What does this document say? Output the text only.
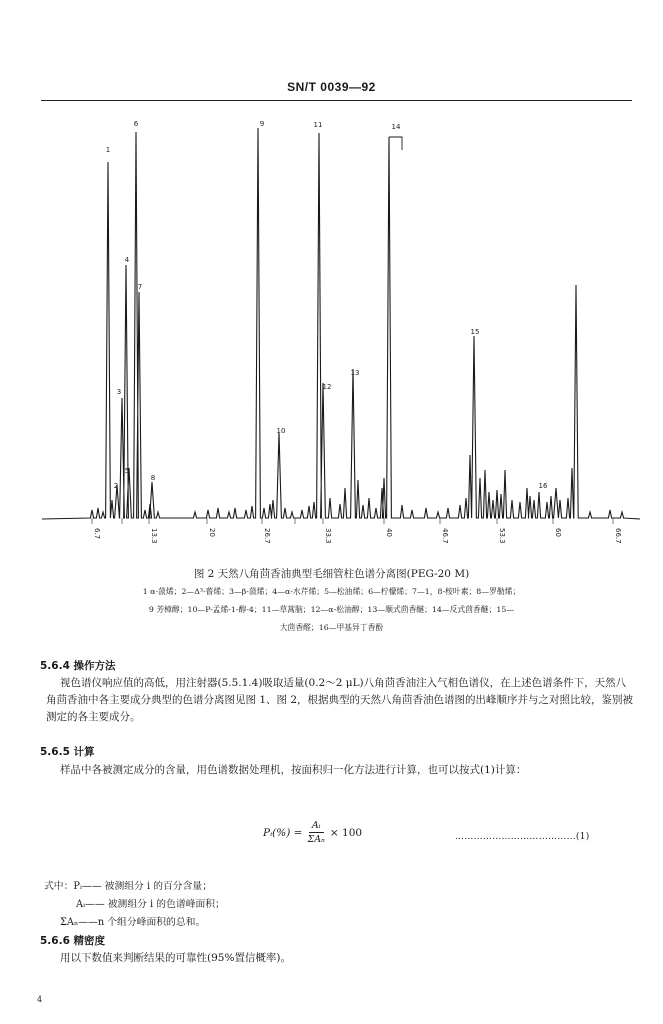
SN/T 0039—92
1
2
3
4
5
6
7
8
9
10
11
12
13
14
15
16
6.7	13.3	20	26.7	33.3	40	46.7	53.3	60	66.7
图 2 天然八角茴香油典型毛细管柱色谱分离图(PEG-20 M)
1 α-蒎烯；2—Δ³-蒈烯；3—β-蒎烯；4—α-水芹烯；5—松油烯；6—柠檬烯；7—1，8-桉叶素；8—罗勒烯；
9 芳樟醇；10—P-孟烯-1-醇-4；11—草蒿脑；12—α-松油醇；13—顺式茴香醚；14—反式茴香醚；15—
大茴香醛；16—甲基异丁香酚
5.6.4 操作方法

视色谱仪响应值的高低，用注射器(5.5.1.4)吸取适量(0.2～2 μL)八角茴香油注入气相色谱仪，在上述色谱条件下，天然八角茴香油中各主要成分典型的色谱分离图见图 1、图 2，根据典型的天然八角茴香油色谱图的出峰顺序并与之对照比较，鉴别被测定的各主要成分。

5.6.5 计算

样品中各被测定成分的含量，用色谱数据处理机，按面积归一化方法进行计算，也可以按式(1)计算：

Pᵢ(%) = $\frac{\text{Aᵢ}}{\text{ΣAₙ}} \times 100$	…………………………………(1)
式中：Pᵢ—— 被测组分 i 的百分含量；
Aᵢ—— 被测组分 i 的色谱峰面积；
ΣAₙ——n 个组分峰面积的总和。
5.6.6 精密度

用以下数值来判断结果的可靠性(95%置信概率)。

4
